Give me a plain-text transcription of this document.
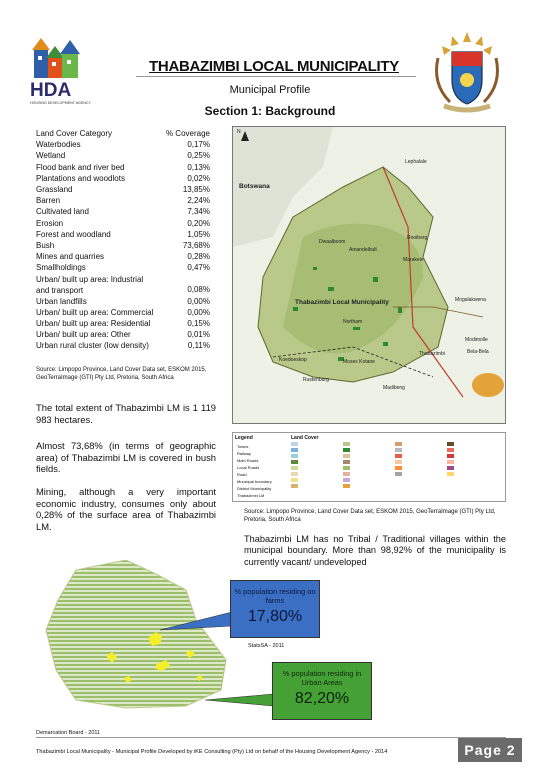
HDA
HOUSING DEVELOPMENT AGENCY
THABAZIMBI LOCAL MUNICIPALITY
Municipal Profile
Section 1: Background
Land Cover Category	% Coverage
Waterbodies	0,17%
Wetland	0,25%
Flood bank and river bed	0,13%
Plantations and woodlots	0,02%
Grassland	13,85%
Barren	2,24%
Cultivated land	7,34%
Erosion	0,20%
Forest and woodland	1,05%
Bush	73,68%
Mines and quarries	0,28%
Smallholdings	0,47%
Urban/ built up area: Industrial and transport	0,08%
Urban landfills	0,00%
Urban/ built up area: Commercial	0,00%
Urban/ built up area: Residential	0,15%
Urban/ built up area: Other	0,01%
Urban rural cluster (low density)	0,11%
Source: Limpopo Province, Land Cover Data set, ESKOM 2015, GeoTerraImage (GTI) Pty Ltd, Pretoria, South Africa
N
Botswana
Lephalale
Thabazimbi Local Municipality
Thabazimbi
Northam
Rooiberg
Dwaalboom
Marakele
Modimolle
Bela-Bela
Moses Kotane
Madibeng
Rustenburg
Mogalakwena
Amandelbult
Koedoeskop
Legend	Land Cover
Towns
Railway
Main Roads
Local Roads
Road
Municipal boundary
District Municipality
Thabazimbi LM
Source: Limpopo Province, Land Cover Data set, ESKOM 2015, GeoTerraImage (GTI) Pty Ltd, Pretoria, South Africa
The total extent of Thabazimbi LM is 1 119 983 hectares.
Almost 73,68% (in terms of geographic area) of Thabazimbi LM is covered in bush fields.
Mining, although a very important economic industry, consumes only about 0,28% of the surface area of Thabazimbi LM.
Thabazimbi LM has no Tribal / Traditional villages within the municipal boundary. More than 98,92% of the municipality is currently vacant/ undeveloped
% population residing on farms
17,80%
StatsSA - 2011
% population residing in Urban Areas
82,20%
Demarcation Board - 2011
Thabazimbi Local Municipality - Municipal Profile Developed by iKE Consulting (Pty) Ltd on behalf of the Housing Development Agency - 2014	Page 2
